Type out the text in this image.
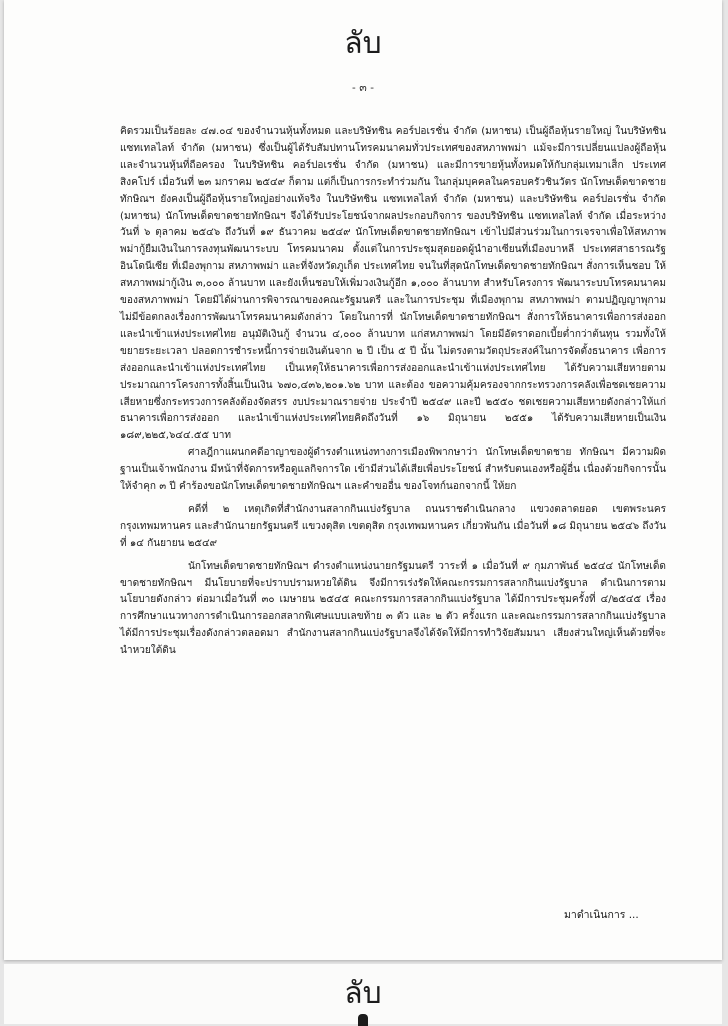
ลับ
- ๓ -

คิดรวมเป็นร้อยละ ๔๗.๐๔ ของจำนวนหุ้นทั้งหมด และบริษัทชิน คอร์ปอเรชั่น จำกัด (มหาชน) เป็นผู้ถือหุ้นรายใหญ่ ในบริษัทชิน แซทเทลไลท์ จำกัด (มหาชน) ซึ่งเป็นผู้ได้รับสัมปทานโทรคมนาคมทั่วประเทศของสหภาพพม่า แม้จะมีการเปลี่ยนแปลงผู้ถือหุ้นและจำนวนหุ้นที่ถือครอง ในบริษัทชิน คอร์ปอเรชั่น จำกัด (มหาชน) และมีการขายหุ้นทั้งหมดให้กับกลุ่มเทมาเส็ก ประเทศสิงคโปร์ เมื่อวันที่ ๒๓ มกราคม ๒๕๔๙ ก็ตาม แต่ก็เป็นการกระทำร่วมกัน ในกลุ่มบุคคลในครอบครัวชินวัตร นักโทษเด็ดขาดชาย ทักษิณฯ ยังคงเป็นผู้ถือหุ้นรายใหญ่อย่างแท้จริง ในบริษัทชิน แซทเทลไลท์ จำกัด (มหาชน) และบริษัทชิน คอร์ปอเรชั่น จำกัด (มหาชน) นักโทษเด็ดขาดชายทักษิณฯ จึงได้รับประโยชน์จากผลประกอบกิจการ ของบริษัทชิน แซทเทลไลท์ จำกัด เมื่อระหว่างวันที่ ๖ ตุลาคม ๒๕๔๖ ถึงวันที่ ๑๙ ธันวาคม ๒๕๔๙ นักโทษเด็ดขาดชายทักษิณฯ เข้าไปมีส่วนร่วมในการเจรจาเพื่อให้สหภาพพม่ากู้ยืมเงินในการลงทุนพัฒนาระบบ โทรคมนาคม ตั้งแต่ในการประชุมสุดยอดผู้นำอาเซียนที่เมืองบาหลี ประเทศสาธารณรัฐอินโดนีเซีย ที่เมืองพุกาม สหภาพพม่า และที่จังหวัดภูเก็ต ประเทศไทย จนในที่สุดนักโทษเด็ดขาดชายทักษิณฯ สั่งการเห็นชอบ ให้สหภาพพม่ากู้เงิน ๓,๐๐๐ ล้านบาท และยังเห็นชอบให้เพิ่มวงเงินกู้อีก ๑,๐๐๐ ล้านบาท สำหรับโครงการ พัฒนาระบบโทรคมนาคมของสหภาพพม่า โดยมิได้ผ่านการพิจารณาของคณะรัฐมนตรี และในการประชุม ที่เมืองพุกาม สหภาพพม่า ตามปฏิญญาพุกาม ไม่มีข้อตกลงเรื่องการพัฒนาโทรคมนาคมดังกล่าว โดยในการที่ นักโทษเด็ดขาดชายทักษิณฯ สั่งการให้ธนาคารเพื่อการส่งออกและนำเข้าแห่งประเทศไทย อนุมัติเงินกู้ จำนวน ๔,๐๐๐ ล้านบาท แก่สหภาพพม่า โดยมีอัตราดอกเบี้ยต่ำกว่าต้นทุน รวมทั้งให้ขยายระยะเวลา ปลอดการชำระหนี้การจ่ายเงินต้นจาก ๒ ปี เป็น ๕ ปี นั้น ไม่ตรงตามวัตถุประสงค์ในการจัดตั้งธนาคาร เพื่อการส่งออกและนำเข้าแห่งประเทศไทย เป็นเหตุให้ธนาคารเพื่อการส่งออกและนำเข้าแห่งประเทศไทย ได้รับความเสียหายตามประมาณการโครงการทั้งสิ้นเป็นเงิน ๖๗๐,๔๓๖,๒๐๑.๖๒ บาท และต้อง ขอความคุ้มครองจากกระทรวงการคลังเพื่อชดเชยความเสียหายซึ่งกระทรวงการคลังต้องจัดสรร งบประมาณรายจ่าย ประจำปี ๒๕๔๙ และปี ๒๕๕๐ ชดเชยความเสียหายดังกล่าวให้แก่ธนาคารเพื่อการส่งออก และนำเข้าแห่งประเทศไทยคิดถึงวันที่ ๑๖ มิถุนายน ๒๕๕๑ ได้รับความเสียหายเป็นเงิน ๑๘๙,๒๒๕,๖๔๔.๕๕ บาท

ศาลฎีกาแผนกคดีอาญาของผู้ดำรงตำแหน่งทางการเมืองพิพากษาว่า นักโทษเด็ดขาดชาย ทักษิณฯ มีความผิดฐานเป็นเจ้าพนักงาน มีหน้าที่จัดการหรือดูแลกิจการใด เข้ามีส่วนได้เสียเพื่อประโยชน์ สำหรับตนเองหรือผู้อื่น เนื่องด้วยกิจการนั้น ให้จำคุก ๓ ปี คำร้องขอนักโทษเด็ดขาดชายทักษิณฯ และคำขออื่น ของโจทก์นอกจากนี้ ให้ยก

คดีที่ ๒ เหตุเกิดที่สำนักงานสลากกินแบ่งรัฐบาล ถนนราชดำเนินกลาง แขวงตลาดยอด เขตพระนคร กรุงเทพมหานคร และสำนักนายกรัฐมนตรี แขวงดุสิต เขตดุสิต กรุงเทพมหานคร เกี่ยวพันกัน เมื่อวันที่ ๑๘ มิถุนายน ๒๕๔๖ ถึงวันที่ ๑๔ กันยายน ๒๕๔๙

นักโทษเด็ดขาดชายทักษิณฯ ดำรงตำแหน่งนายกรัฐมนตรี วาระที่ ๑ เมื่อวันที่ ๙ กุมภาพันธ์ ๒๕๔๔ นักโทษเด็ดขาดชายทักษิณฯ มีนโยบายที่จะปราบปรามหวยใต้ดิน จึงมีการเร่งรัดให้คณะกรรมการสลากกินแบ่งรัฐบาล ดำเนินการตามนโยบายดังกล่าว ต่อมาเมื่อวันที่ ๓๐ เมษายน ๒๕๔๕ คณะกรรมการสลากกินแบ่งรัฐบาล ได้มีการประชุมครั้งที่ ๔/๒๕๔๕ เรื่อง การศึกษาแนวทางการดำเนินการออกสลากพิเศษแบบเลขท้าย ๓ ตัว และ ๒ ตัว ครั้งแรก และคณะกรรมการสลากกินแบ่งรัฐบาลได้มีการประชุมเรื่องดังกล่าวตลอดมา สำนักงานสลากกินแบ่งรัฐบาลจึงได้จัดให้มีการทำวิจัยสัมมนา เสียงส่วนใหญ่เห็นด้วยที่จะนำหวยใต้ดิน

มาดำเนินการ ...
ลับ
